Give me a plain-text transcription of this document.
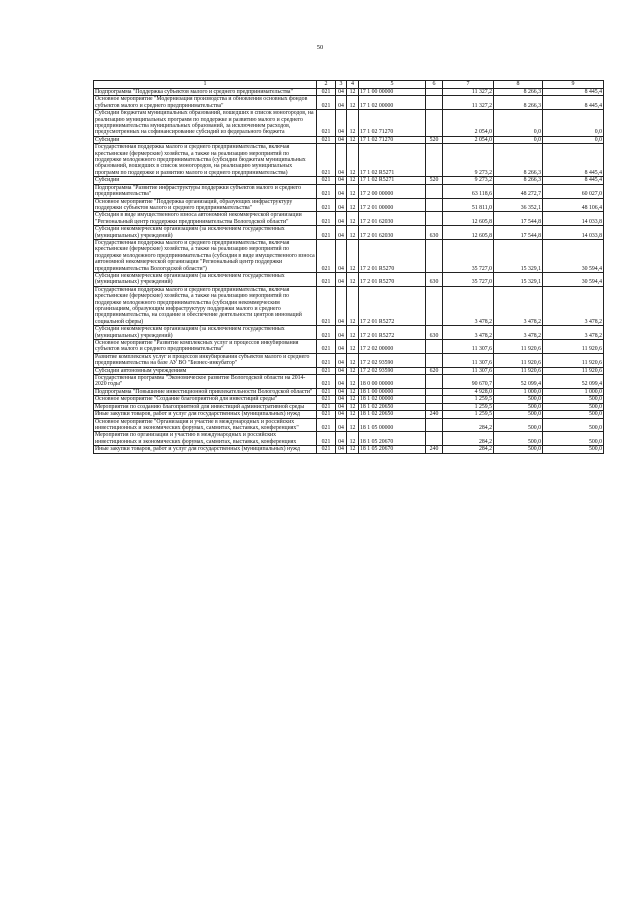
50
1	2	3	4	5	6	7	8	9
Подпрограмма "Поддержка субъектов малого и среднего предпринимательства"	021	04	12	17 1 00 00000		11 327,2	8 266,3	8 445,4
Основное мероприятие "Модернизация производства и обновления основных фондов субъектов малого и среднего предпринимательства"	021	04	12	17 1 02 00000		11 327,2	8 266,3	8 445,4
Субсидии бюджетам муниципальных образований, вошедших в список моногородов, на реализацию муниципальных программ по поддержке и развитию малого и среднего предпринимательства муниципальных образований, за исключением расходов, предусмотренных на софинансирование субсидий из федерального бюджета	021	04	12	17 1 02 71270		2 054,0	0,0	0,0
Субсидии	021	04	12	17 1 02 71270	520	2 054,0	0,0	0,0
Государственная поддержка малого и среднего предпринимательства, включая крестьянские (фермерские) хозяйства, а также на реализацию мероприятий по поддержке молодежного предпринимательства (субсидии бюджетам муниципальных образований, вошедших в список моногородов, на реализацию муниципальных программ по поддержке и развитию малого и среднего предпринимательства)	021	04	12	17 1 02 R5271		9 273,2	8 266,3	8 445,4
Субсидии	021	04	12	17 1 02 R5271	520	9 273,2	8 266,3	8 445,4
Подпрограмма "Развитие инфраструктуры поддержки субъектов малого и среднего предпринимательства"	021	04	12	17 2 00 00000		63 118,6	48 272,7	60 027,0
Основное мероприятие "Поддержка организаций, образующих инфраструктуру поддержки субъектов малого и среднего предпринимательства"	021	04	12	17 2 01 00000		51 811,0	36 352,1	48 106,4
Субсидия в виде имущественного взноса автономной некоммерческой организации "Региональный центр поддержки предпринимательства Вологодской области"	021	04	12	17 2 01 62030		12 605,8	17 544,8	14 033,8
Субсидии некоммерческим организациям (за исключением государственных (муниципальных) учреждений)	021	04	12	17 2 01 62030	630	12 605,8	17 544,8	14 033,8
Государственная поддержка малого и среднего предпринимательства, включая крестьянские (фермерские) хозяйства, а также на реализацию мероприятий по поддержке молодежного предпринимательства (субсидия в виде имущественного взноса автономной некоммерческой организации "Региональный центр поддержки предпринимательства Вологодской области")	021	04	12	17 2 01 R5270		35 727,0	15 329,1	30 594,4
Субсидии некоммерческим организациям (за исключением государственных (муниципальных) учреждений)	021	04	12	17 2 01 R5270	630	35 727,0	15 329,1	30 594,4
Государственная поддержка малого и среднего предпринимательства, включая крестьянские (фермерские) хозяйства, а также на реализацию мероприятий по поддержке молодежного предпринимательства (субсидия некоммерческим организациям, образующим инфраструктуру поддержки малого и среднего предпринимательства, на создание и обеспечение деятельности центров инноваций социальной сферы)	021	04	12	17 2 01 R5272		3 478,2	3 478,2	3 478,2
Субсидии некоммерческим организациям (за исключением государственных (муниципальных) учреждений)	021	04	12	17 2 01 R5272	630	3 478,2	3 478,2	3 478,2
Основное мероприятие "Развитие комплексных услуг и процессов инкубирования субъектов малого и среднего предпринимательства"	021	04	12	17 2 02 00000		11 307,6	11 920,6	11 920,6
Развитие комплексных услуг и процессов инкубирования субъектов малого и среднего предпринимательства на базе АУ ВО "Бизнес-инкубатор"	021	04	12	17 2 02 93590		11 307,6	11 920,6	11 920,6
Субсидии автономным учреждениям	021	04	12	17 2 02 93590	620	11 307,6	11 920,6	11 920,6
Государственная программа "Экономическое развитие Вологодской области на 2014-2020 годы"	021	04	12	18 0 00 00000		90 670,7	52 099,4	52 099,4
Подпрограмма "Повышение инвестиционной привлекательности Вологодской области"	021	04	12	18 1 00 00000		4 928,0	1 000,0	1 000,0
Основное мероприятие "Создание благоприятной для инвестиций среды"	021	04	12	18 1 02 00000		1 259,5	500,0	500,0
Мероприятия по созданию благоприятной для инвестиций административной среды	021	04	12	18 1 02 20650		1 259,5	500,0	500,0
Иные закупки товаров, работ и услуг для государственных (муниципальных) нужд	021	04	12	18 1 02 20650	240	1 259,5	500,0	500,0
Основное мероприятие "Организация и участие в международных и российских инвестиционных и экономических форумах, саммитах, выставках, конференциях"	021	04	12	18 1 05 00000		284,2	500,0	500,0
Мероприятия по организации и участию в международных и российских инвестиционных и экономических форумах, саммитах, выставках, конференциях	021	04	12	18 1 05 20670		284,2	500,0	500,0
Иные закупки товаров, работ и услуг для государственных (муниципальных) нужд	021	04	12	18 1 05 20670	240	284,2	500,0	500,0
